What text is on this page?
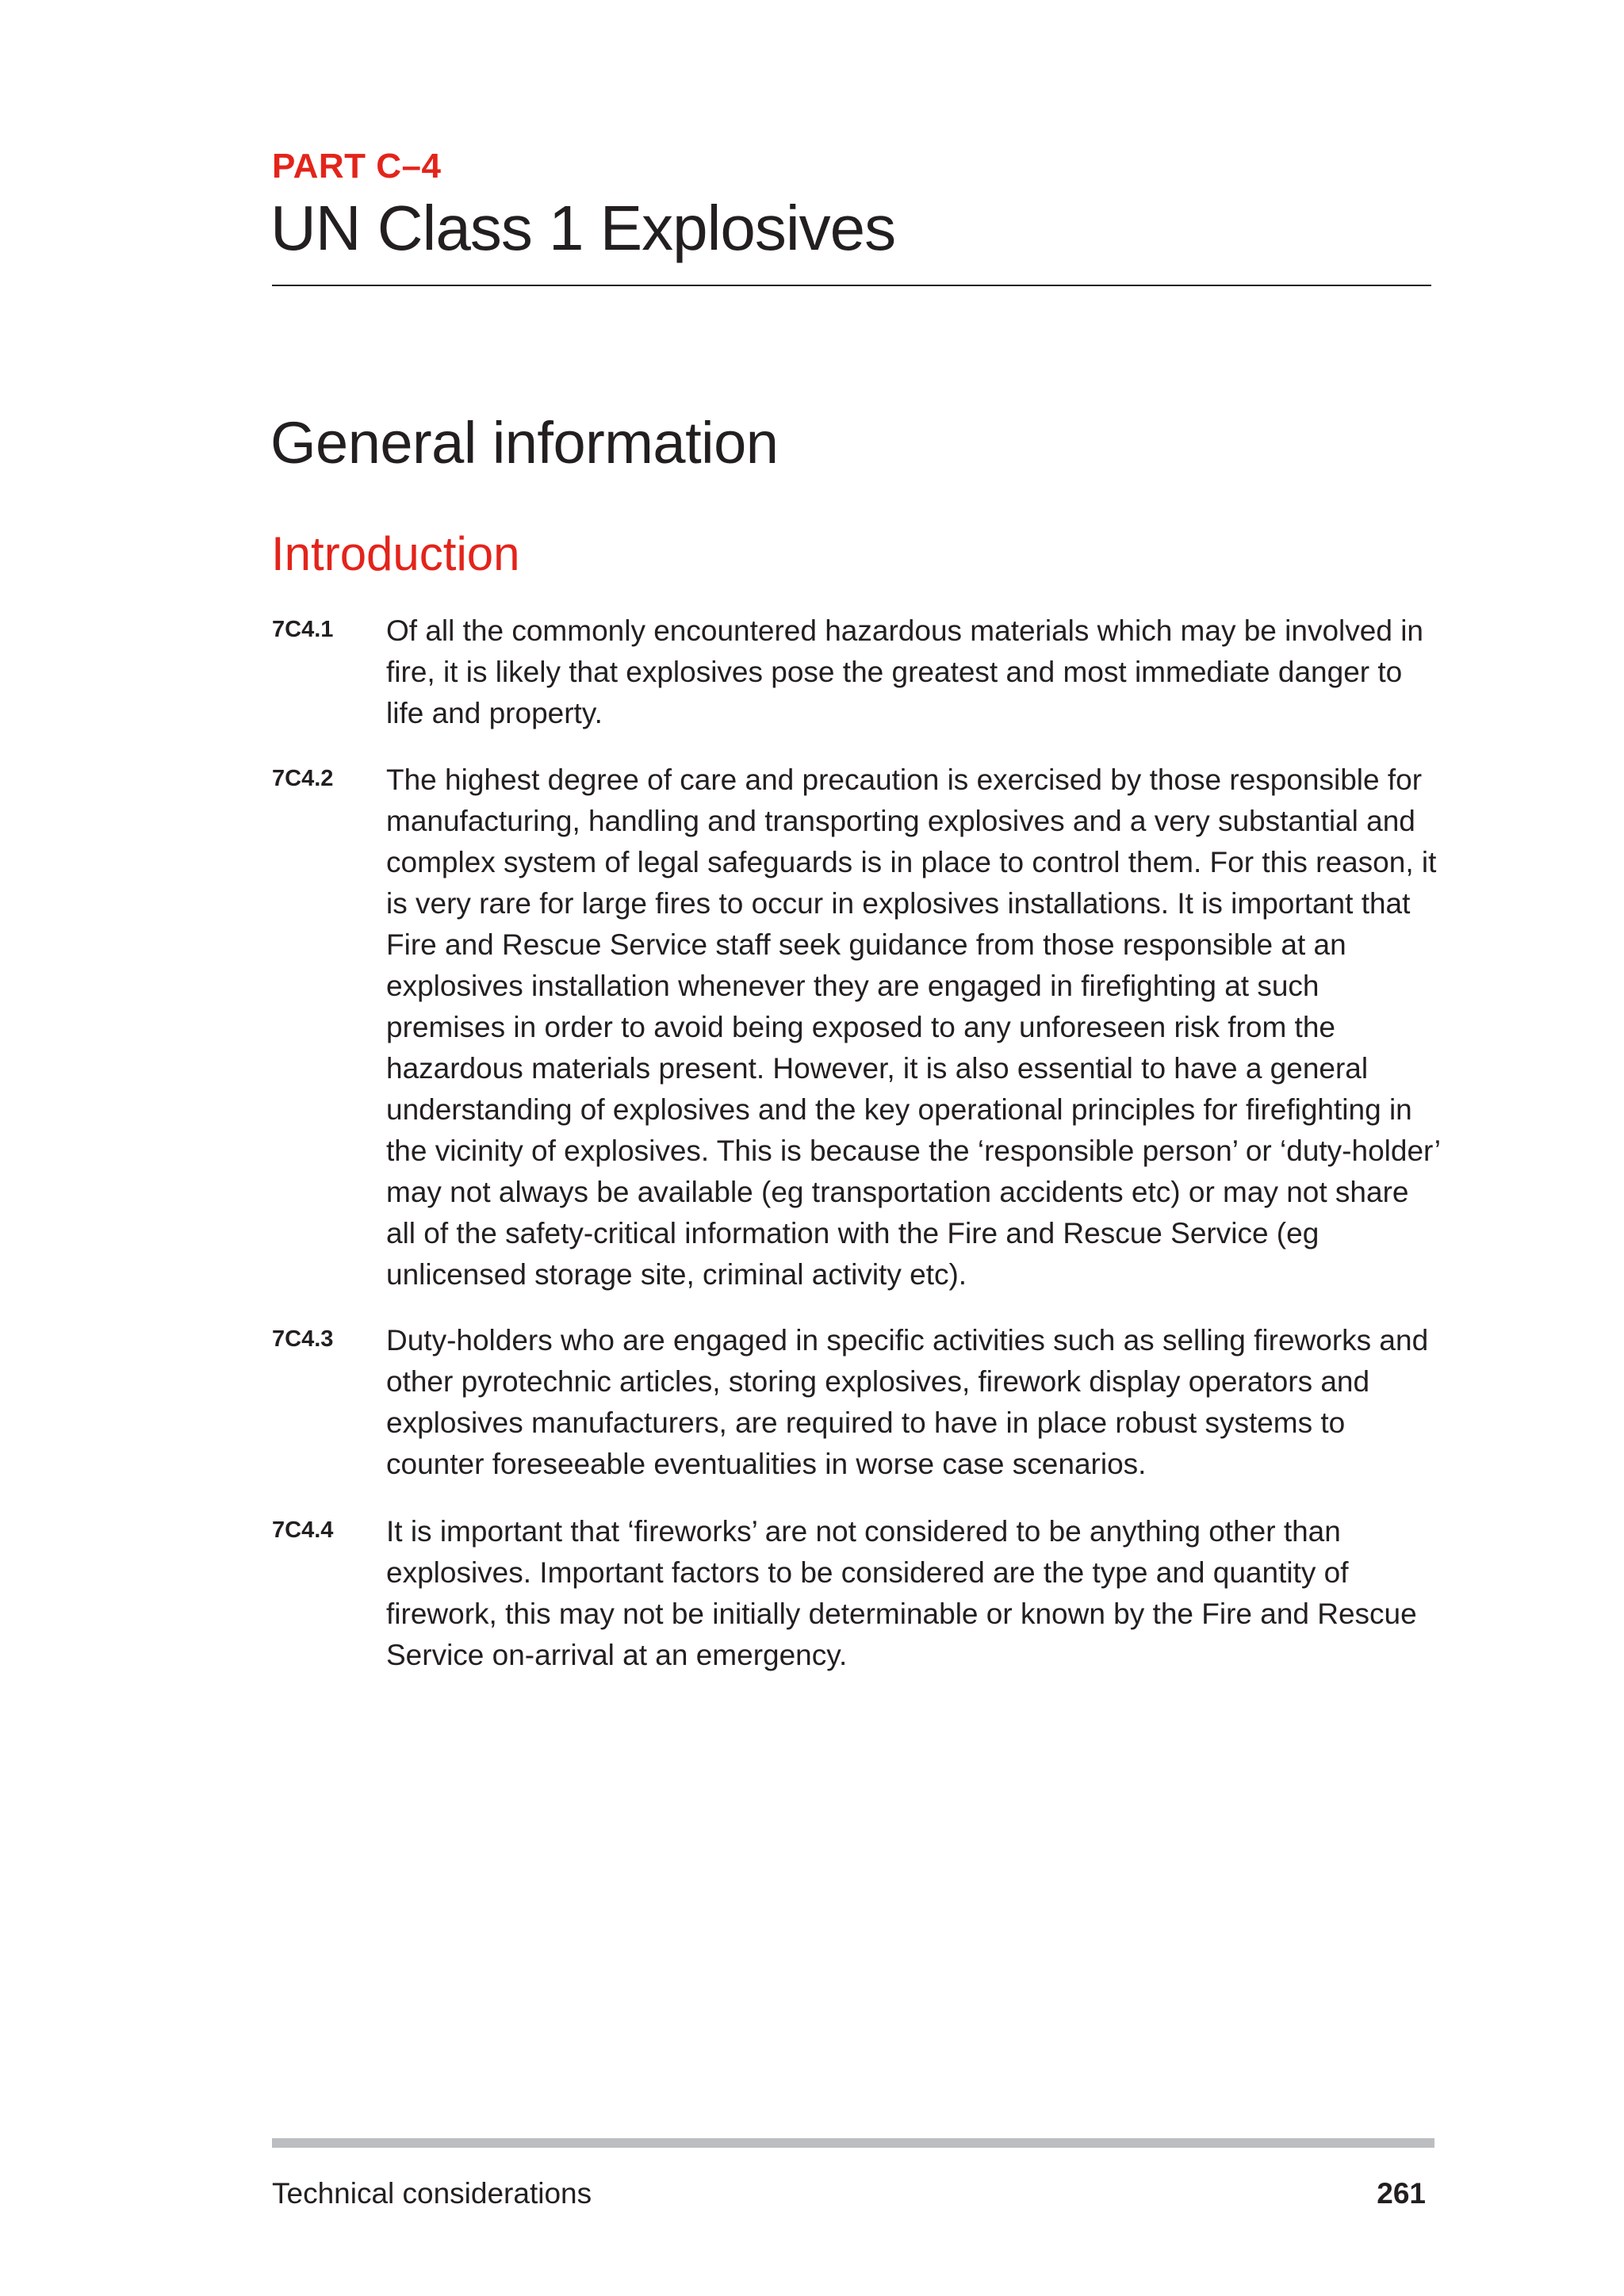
PART C–4
UN Class 1 Explosives
General information
Introduction
7C4.1 Of all the commonly encountered hazardous materials which may be involved in fire, it is likely that explosives pose the greatest and most immediate danger to life and property.
7C4.2 The highest degree of care and precaution is exercised by those responsible for manufacturing, handling and transporting explosives and a very substantial and complex system of legal safeguards is in place to control them. For this reason, it is very rare for large fires to occur in explosives installations. It is important that Fire and Rescue Service staff seek guidance from those responsible at an explosives installation whenever they are engaged in firefighting at such premises in order to avoid being exposed to any unforeseen risk from the hazardous materials present. However, it is also essential to have a general understanding of explosives and the key operational principles for firefighting in the vicinity of explosives. This is because the ‘responsible person’ or ‘duty-holder’ may not always be available (eg transportation accidents etc) or may not share all of the safety-critical information with the Fire and Rescue Service (eg unlicensed storage site, criminal activity etc).
7C4.3 Duty-holders who are engaged in specific activities such as selling fireworks and other pyrotechnic articles, storing explosives, firework display operators and explosives manufacturers, are required to have in place robust systems to counter foreseeable eventualities in worse case scenarios.
7C4.4 It is important that ‘fireworks’ are not considered to be anything other than explosives. Important factors to be considered are the type and quantity of firework, this may not be initially determinable or known by the Fire and Rescue Service on-arrival at an emergency.
Technical considerations	261
